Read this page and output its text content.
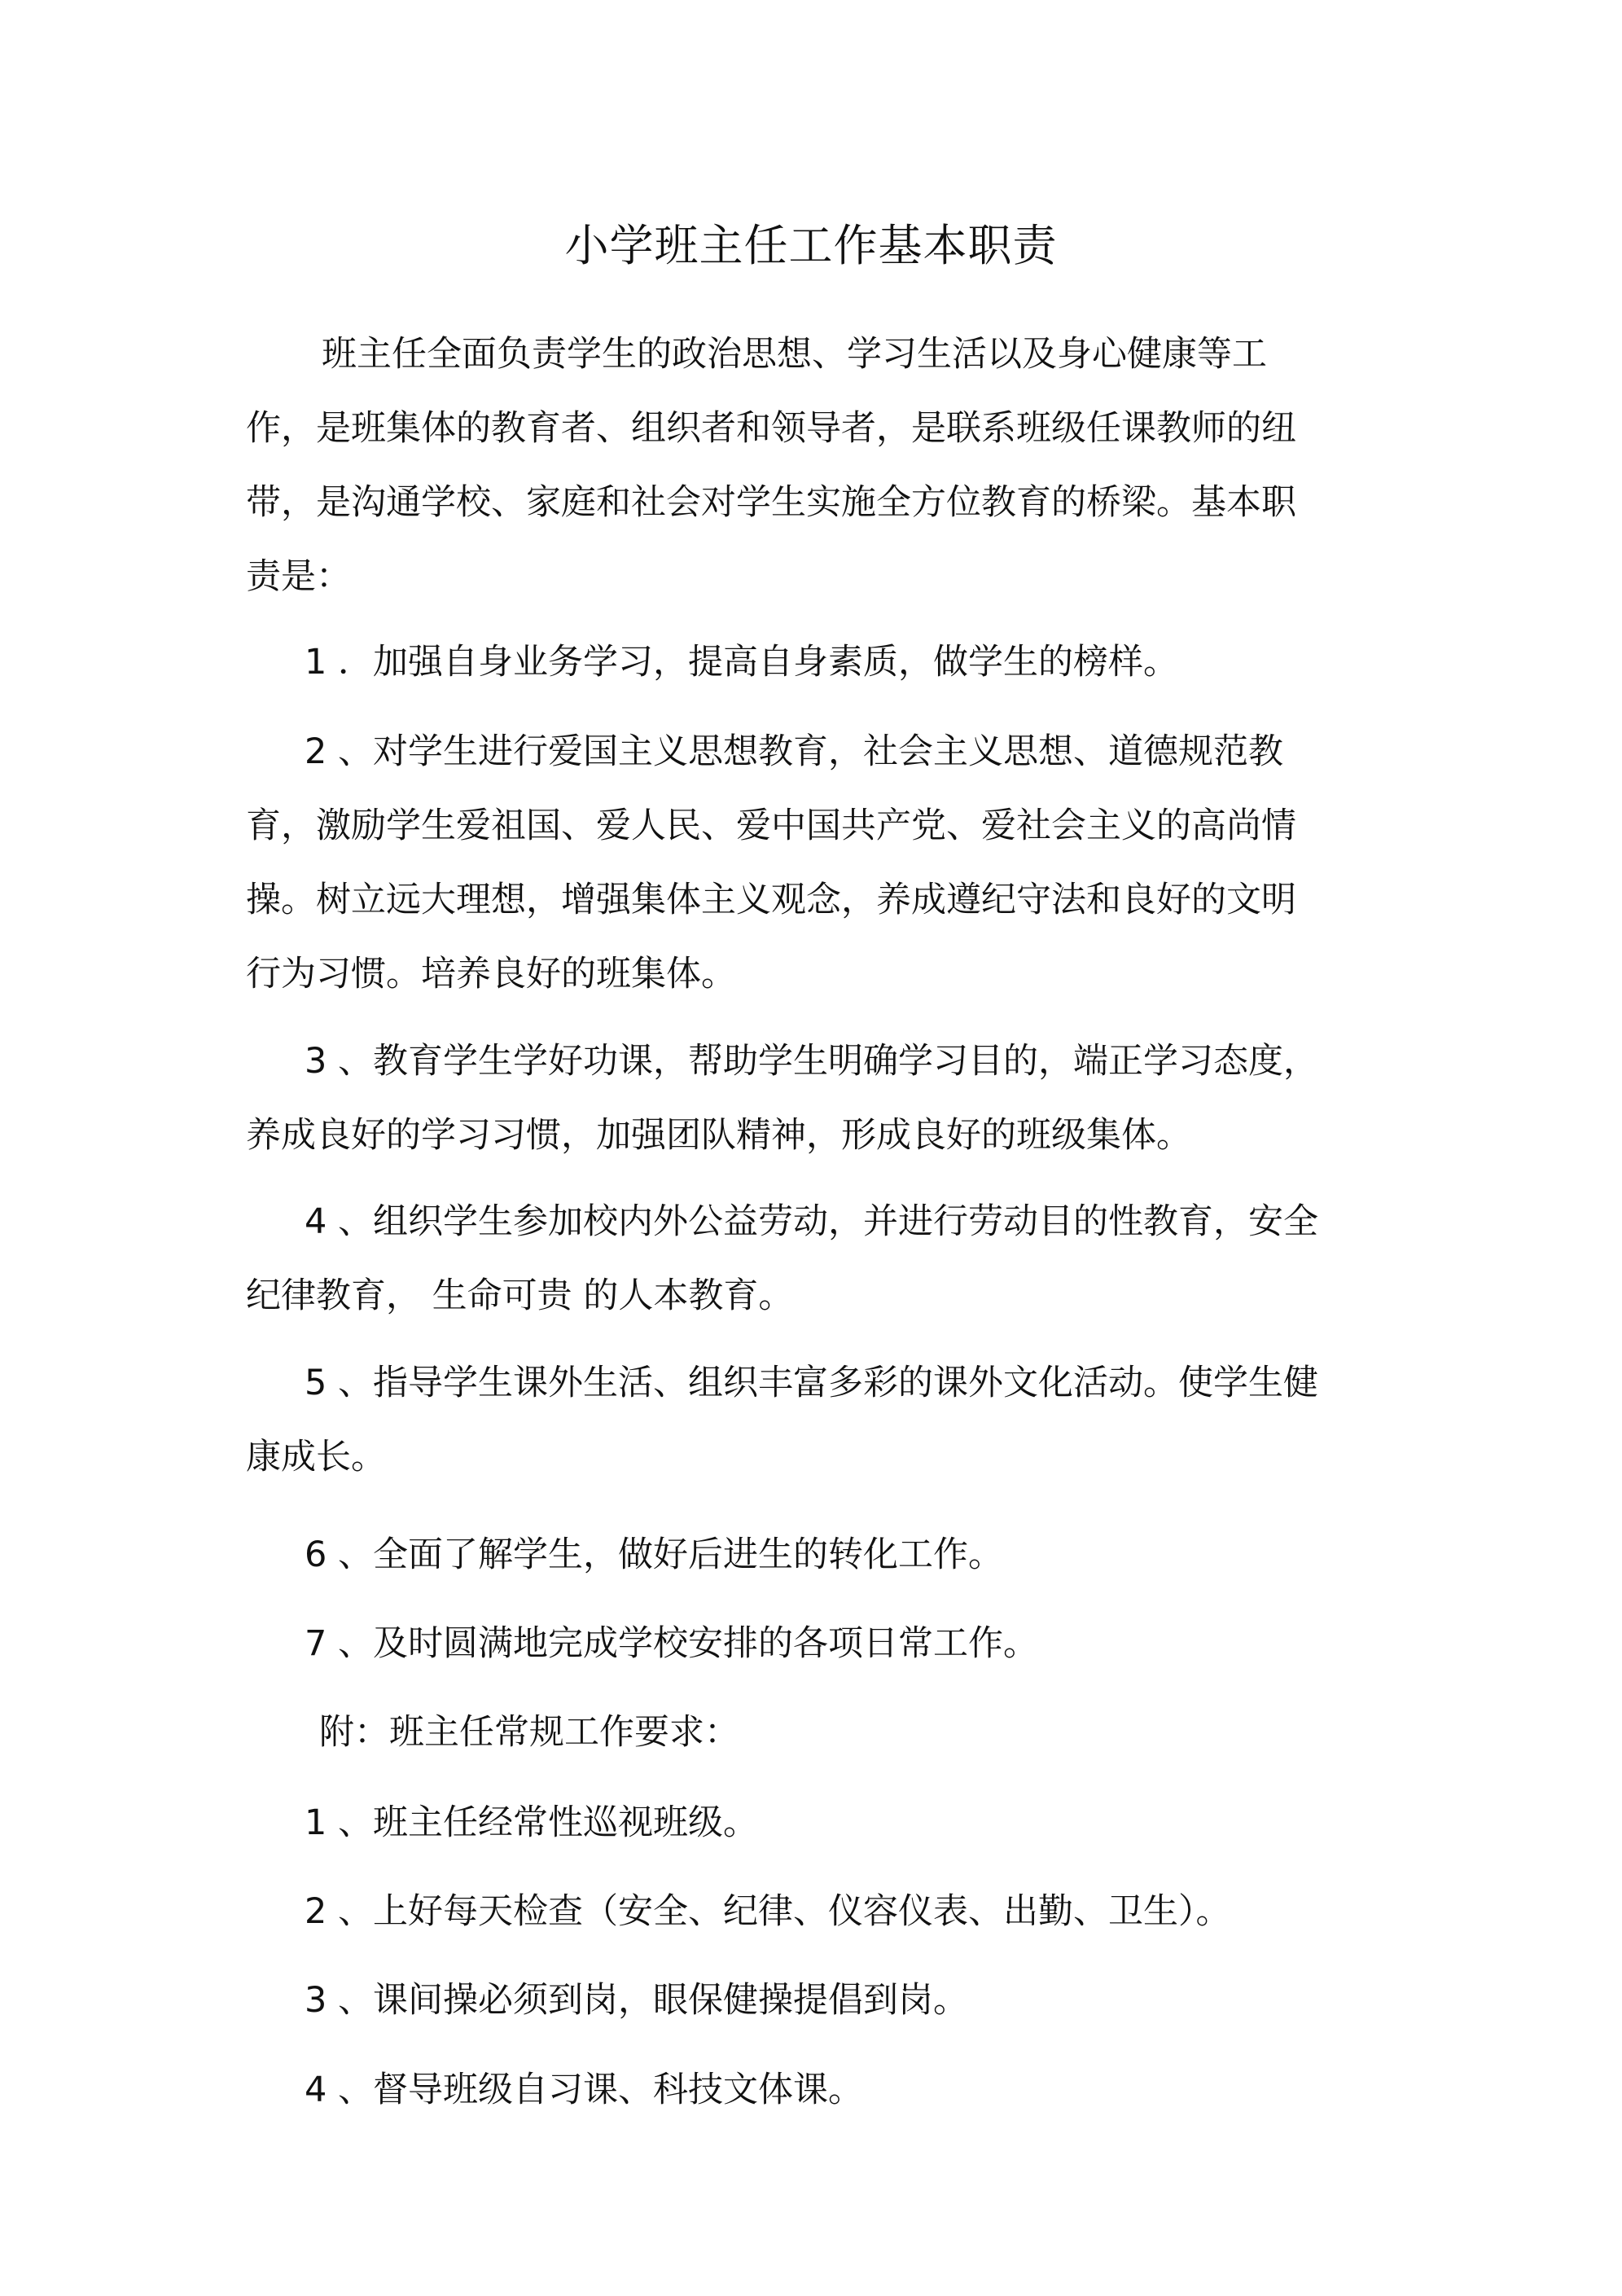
小学班主任工作基本职责

班主任全面负责学生的政治思想、学习生活以及身心健康等工作，是班集体的教育者、组织者和领导者，是联系班级任课教师的纽带，是沟通学校、家庭和社会对学生实施全方位教育的桥梁。基本职责是：

1 ．加强自身业务学习，提高自身素质，做学生的榜样。

2 、对学生进行爱国主义思想教育，社会主义思想、道德规范教育，激励学生爱祖国、爱人民、爱中国共产党、爱社会主义的高尚情操。树立远大理想，增强集体主义观念，养成遵纪守法和良好的文明行为习惯。培养良好的班集体。

3 、教育学生学好功课，帮助学生明确学习目的，端正学习态度，养成良好的学习习惯，加强团队精神，形成良好的班级集体。

4 、组织学生参加校内外公益劳动，并进行劳动目的性教育，安全纪律教育， 生命可贵 的人本教育。

5 、指导学生课外生活、组织丰富多彩的课外文化活动。使学生健康成长。

6 、全面了解学生，做好后进生的转化工作。

7 、及时圆满地完成学校安排的各项日常工作。

附：班主任常规工作要求：

1 、班主任经常性巡视班级。

2 、上好每天检查（安全、纪律、仪容仪表、出勤、卫生）。

3 、课间操必须到岗，眼保健操提倡到岗。

4 、督导班级自习课、科技文体课。
